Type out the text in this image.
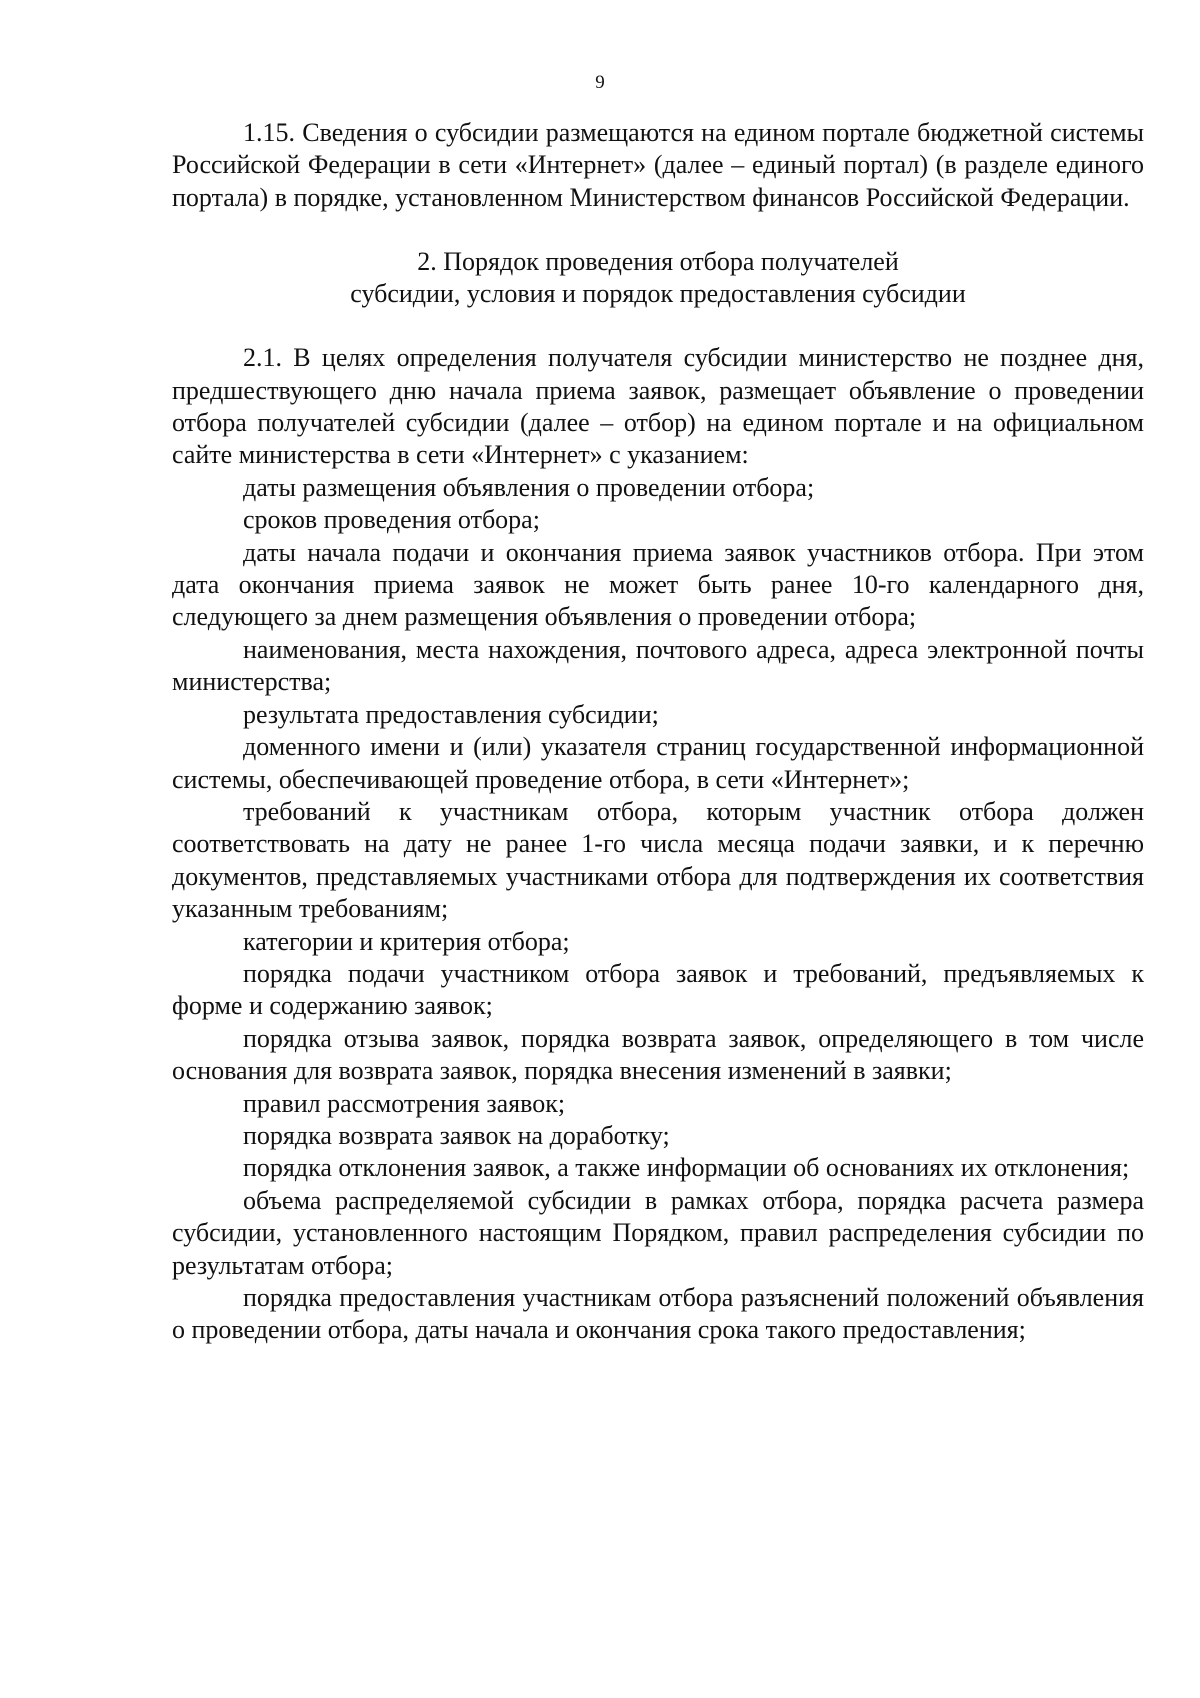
9

1.15. Сведения о субсидии размещаются на едином портале бюджетной системы Российской Федерации в сети «Интернет» (далее – единый портал) (в разделе единого портала) в порядке, установленном Министерством финансов Российской Федерации.

2. Порядок проведения отбора получателей

субсидии, условия и порядок предоставления субсидии

2.1. В целях определения получателя субсидии министерство не позднее дня, предшествующего дню начала приема заявок, размещает объявление о проведении отбора получателей субсидии (далее – отбор) на едином портале и на официальном сайте министерства в сети «Интернет» с указанием:

даты размещения объявления о проведении отбора;

сроков проведения отбора;

даты начала подачи и окончания приема заявок участников отбора. При этом дата окончания приема заявок не может быть ранее 10-го календарного дня, следующего за днем размещения объявления о проведении отбора;

наименования, места нахождения, почтового адреса, адреса электронной почты министерства;

результата предоставления субсидии;

доменного имени и (или) указателя страниц государственной информационной системы, обеспечивающей проведение отбора, в сети «Интернет»;

требований к участникам отбора, которым участник отбора должен соответствовать на дату не ранее 1-го числа месяца подачи заявки, и к перечню документов, представляемых участниками отбора для подтверждения их соответствия указанным требованиям;

категории и критерия отбора;

порядка подачи участником отбора заявок и требований, предъявляемых к форме и содержанию заявок;

порядка отзыва заявок, порядка возврата заявок, определяющего в том числе основания для возврата заявок, порядка внесения изменений в заявки;

правил рассмотрения заявок;

порядка возврата заявок на доработку;

порядка отклонения заявок, а также информации об основаниях их отклонения;

объема распределяемой субсидии в рамках отбора, порядка расчета размера субсидии, установленного настоящим Порядком, правил распределения субсидии по результатам отбора;

порядка предоставления участникам отбора разъяснений положений объявления о проведении отбора, даты начала и окончания срока такого предоставления;
